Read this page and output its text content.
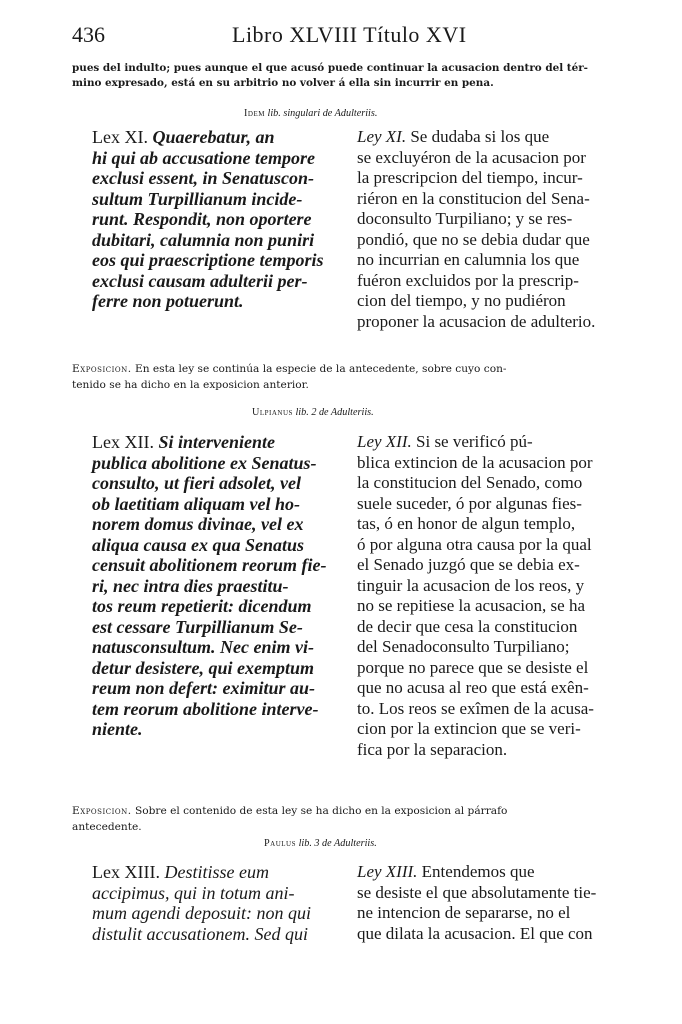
436	Libro XLVIII Título XVI
pues del indulto; pues aunque el que acusó puede continuar la acusacion dentro del tér-
mino expresado, está en su arbitrio no volver á ella sin incurrir en pena.
Idem lib. singulari de Adulteriis.
Lex XI. Quaerebatur, an
hi qui ab accusatione tempore
exclusi essent, in Senatuscon-
sultum Turpillianum incide-
runt. Respondit, non oportere
dubitari, calumnia non puniri
eos qui praescriptione temporis
exclusi causam adulterii per-
ferre non potuerunt.
Ley XI. Se dudaba si los que
se excluyéron de la acusacion por
la prescripcion del tiempo, incur-
riéron en la constitucion del Sena-
doconsulto Turpiliano; y se res-
pondió, que no se debia dudar que
no incurrian en calumnia los que
fuéron excluidos por la prescrip-
cion del tiempo, y no pudiéron
proponer la acusacion de adulterio.
Exposicion. En esta ley se continúa la especie de la antecedente, sobre cuyo con-
tenido se ha dicho en la exposicion anterior.
Ulpianus lib. 2 de Adulteriis.
Lex XII. Si interveniente
publica abolitione ex Senatus-
consulto, ut fieri adsolet, vel
ob laetitiam aliquam vel ho-
norem domus divinae, vel ex
aliqua causa ex qua Senatus
censuit abolitionem reorum fie-
ri, nec intra dies praestitu-
tos reum repetierit: dicendum
est cessare Turpillianum Se-
natusconsultum. Nec enim vi-
detur desistere, qui exemptum
reum non defert: eximitur au-
tem reorum abolitione interve-
niente.
Ley XII. Si se verificó pú-
blica extincion de la acusacion por
la constitucion del Senado, como
suele suceder, ó por algunas fies-
tas, ó en honor de algun templo,
ó por alguna otra causa por la qual
el Senado juzgó que se debia ex-
tinguir la acusacion de los reos, y
no se repitiese la acusacion, se ha
de decir que cesa la constitucion
del Senadoconsulto Turpiliano;
porque no parece que se desiste el
que no acusa al reo que está exên-
to. Los reos se exîmen de la acusa-
cion por la extincion que se veri-
fica por la separacion.
Exposicion. Sobre el contenido de esta ley se ha dicho en la exposicion al párrafo
antecedente.
Paulus lib. 3 de Adulteriis.
Lex XIII. Destitisse eum
accipimus, qui in totum ani-
mum agendi deposuit: non qui
distulit accusationem. Sed qui
Ley XIII. Entendemos que
se desiste el que absolutamente tie-
ne intencion de separarse, no el
que dilata la acusacion. El que con
